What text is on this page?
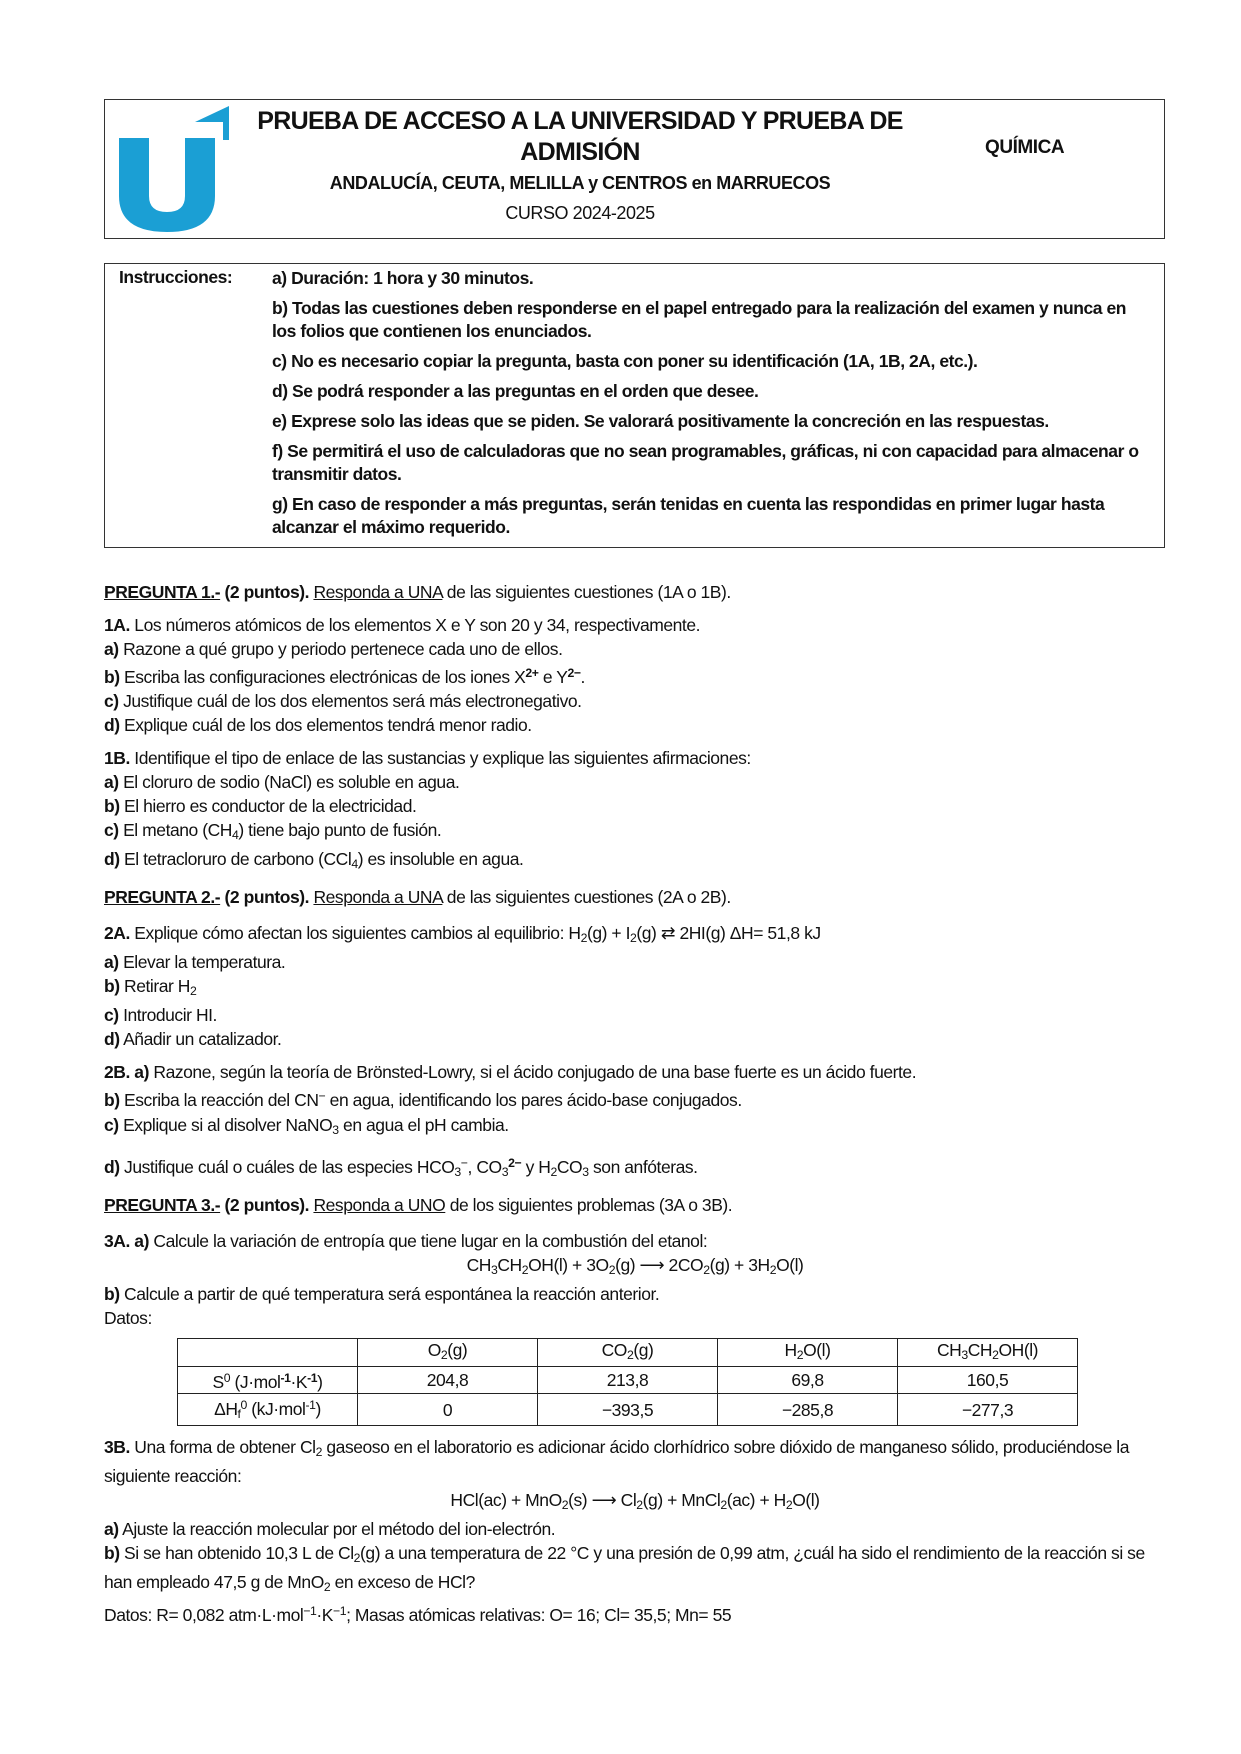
PRUEBA DE ACCESO A LA UNIVERSIDAD Y PRUEBA DE
ADMISIÓN
ANDALUCÍA, CEUTA, MELILLA y CENTROS en MARRUECOS
CURSO 2024-2025
QUÍMICA
Instrucciones: a) Duración: 1 hora y 30 minutos.
b) Todas las cuestiones deben responderse en el papel entregado para la realización del examen y nunca en los folios que contienen los enunciados.
c) No es necesario copiar la pregunta, basta con poner su identificación (1A, 1B, 2A, etc.).
d) Se podrá responder a las preguntas en el orden que desee.
e) Exprese solo las ideas que se piden. Se valorará positivamente la concreción en las respuestas.
f) Se permitirá el uso de calculadoras que no sean programables, gráficas, ni con capacidad para almacenar o transmitir datos.
g) En caso de responder a más preguntas, serán tenidas en cuenta las respondidas en primer lugar hasta alcanzar el máximo requerido.
PREGUNTA 1.- (2 puntos). Responda a UNA de las siguientes cuestiones (1A o 1B).
1A. Los números atómicos de los elementos X e Y son 20 y 34, respectivamente.
a) Razone a qué grupo y periodo pertenece cada uno de ellos.
b) Escriba las configuraciones electrónicas de los iones $X^{2+}$ e $Y^{2-}$.
c) Justifique cuál de los dos elementos será más electronegativo.
d) Explique cuál de los dos elementos tendrá menor radio.
1B. Identifique el tipo de enlace de las sustancias y explique las siguientes afirmaciones:
a) El cloruro de sodio (NaCl) es soluble en agua.
b) El hierro es conductor de la electricidad.
c) El metano $(CH_4)$ tiene bajo punto de fusión.
d) El tetracloruro de carbono (CCl$_4$) es insoluble en agua.
PREGUNTA 2.- (2 puntos). Responda a UNA de las siguientes cuestiones (2A o 2B).
2A. Explique cómo afectan los siguientes cambios al equilibrio: $H_2(g) + I_2(g)$ ⇄ 2HI(g) ΔH= 51,8 kJ
a) Elevar la temperatura.
b) Retirar $H_2$
c) Introducir HI.
d) Añadir un catalizador.
2B. a) Razone, según la teoría de Brönsted-Lowry, si el ácido conjugado de una base fuerte es un ácido fuerte.
b) Escriba la reacción del CN− en agua, identificando los pares ácido-base conjugados.
c) Explique si al disolver NaNO$_3$ en agua el pH cambia.
d) Justifique cuál o cuáles de las especies $HCO_3^-$, $CO_3^{2-}$ y $H_2CO_3$ son anfóteras.
PREGUNTA 3.- (2 puntos). Responda a UNO de los siguientes problemas (3A o 3B).
3A. a) Calcule la variación de entropía que tiene lugar en la combustión del etanol:
$CH_3CH_2OH(l) + 3O_2(g)$ ⟶ $2CO_2(g) + 3H_2O(l)$
b) Calcule a partir de qué temperatura será espontánea la reacción anterior.
Datos:
	$O_2(g)$	$CO_2(g)$	$H_2O(l)$	$CH_3CH_2OH(l)$
$S^0$ $(J\cdot mol^{-1}\cdot K^{-1})$	204,8	213,8	69,8	160,5
$\Delta H_f^0$ (kJ·mol$^{-1}$)	0	−393,5	−285,8	−277,3
3B. Una forma de obtener $Cl_2$ gaseoso en el laboratorio es adicionar ácido clorhídrico sobre dióxido de manganeso sólido, produciéndose la siguiente reacción:
HCl(ac) + MnO$_2$(s) ⟶ $Cl_2(g)$ + MnCl$_2$(ac) + $H_2O(l)$
a) Ajuste la reacción molecular por el método del ion-electrón.
b) Si se han obtenido 10,3 L de $Cl_2(g)$ a una temperatura de 22 °C y una presión de 0,99 atm, ¿cuál ha sido el rendimiento de la reacción si se han empleado 47,5 g de MnO$_2$ en exceso de HCl?
Datos: R= 0,082 $atm\cdot L\cdot mol^{-1}\cdot K^{-1}$; Masas atómicas relativas: O= 16; Cl= 35,5; Mn= 55
